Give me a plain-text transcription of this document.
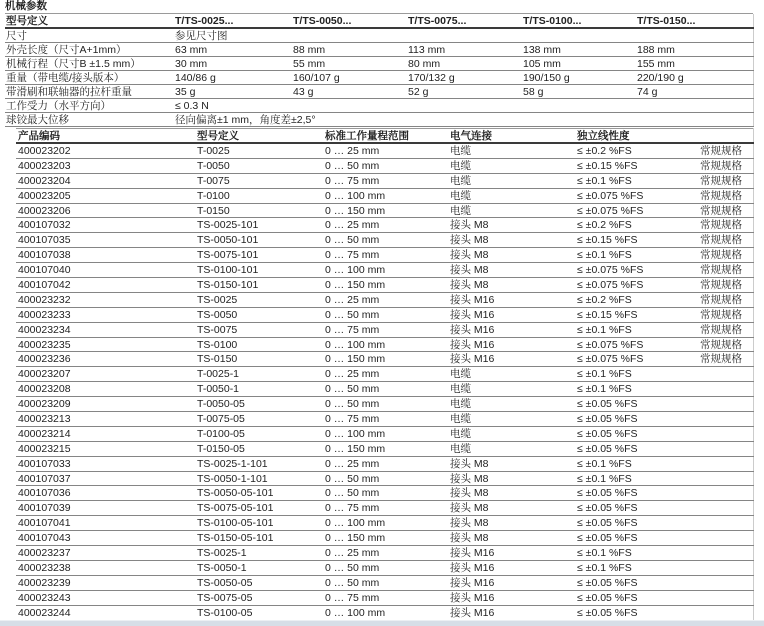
机械参数
型号定义	T/TS-0025...	T/TS-0050...	T/TS-0075...	T/TS-0100...	T/TS-0150...
尺寸	参见尺寸图				
外壳长度（尺寸A+1mm）	63 mm	88 mm	113 mm	138 mm	188 mm
机械行程（尺寸B ±1.5 mm）	30 mm	55 mm	80 mm	105 mm	155 mm
重量（带电缆/接头版本）	140/86 g	160/107 g	170/132 g	190/150 g	220/190 g
带滑刷和联轴器的拉杆重量	35 g	43 g	52 g	58 g	74 g
工作受力（水平方向）	≤ 0.3 N				
球铰最大位移	径向偏离±1 mm，角度差±2,5°				
产品编码	型号定义	标准工作量程范围	电气连接	独立线性度	
400023202	T-0025	0 … 25 mm	电缆	≤ ±0.2 %FS	常规规格
400023203	T-0050	0 … 50 mm	电缆	≤ ±0.15 %FS	常规规格
400023204	T-0075	0 … 75 mm	电缆	≤ ±0.1 %FS	常规规格
400023205	T-0100	0 … 100 mm	电缆	≤ ±0.075 %FS	常规规格
400023206	T-0150	0 … 150 mm	电缆	≤ ±0.075 %FS	常规规格
400107032	TS-0025-101	0 … 25 mm	接头 M8	≤ ±0.2 %FS	常规规格
400107035	TS-0050-101	0 … 50 mm	接头 M8	≤ ±0.15 %FS	常规规格
400107038	TS-0075-101	0 … 75 mm	接头 M8	≤ ±0.1 %FS	常规规格
400107040	TS-0100-101	0 … 100 mm	接头 M8	≤ ±0.075 %FS	常规规格
400107042	TS-0150-101	0 … 150 mm	接头 M8	≤ ±0.075 %FS	常规规格
400023232	TS-0025	0 … 25 mm	接头 M16	≤ ±0.2 %FS	常规规格
400023233	TS-0050	0 … 50 mm	接头 M16	≤ ±0.15 %FS	常规规格
400023234	TS-0075	0 … 75 mm	接头 M16	≤ ±0.1 %FS	常规规格
400023235	TS-0100	0 … 100 mm	接头 M16	≤ ±0.075 %FS	常规规格
400023236	TS-0150	0 … 150 mm	接头 M16	≤ ±0.075 %FS	常规规格
400023207	T-0025-1	0 … 25 mm	电缆	≤ ±0.1 %FS	
400023208	T-0050-1	0 … 50 mm	电缆	≤ ±0.1 %FS	
400023209	T-0050-05	0 … 50 mm	电缆	≤ ±0.05 %FS	
400023213	T-0075-05	0 … 75 mm	电缆	≤ ±0.05 %FS	
400023214	T-0100-05	0 … 100 mm	电缆	≤ ±0.05 %FS	
400023215	T-0150-05	0 … 150 mm	电缆	≤ ±0.05 %FS	
400107033	TS-0025-1-101	0 … 25 mm	接头 M8	≤ ±0.1 %FS	
400107037	TS-0050-1-101	0 … 50 mm	接头 M8	≤ ±0.1 %FS	
400107036	TS-0050-05-101	0 … 50 mm	接头 M8	≤ ±0.05 %FS	
400107039	TS-0075-05-101	0 … 75 mm	接头 M8	≤ ±0.05 %FS	
400107041	TS-0100-05-101	0 … 100 mm	接头 M8	≤ ±0.05 %FS	
400107043	TS-0150-05-101	0 … 150 mm	接头 M8	≤ ±0.05 %FS	
400023237	TS-0025-1	0 … 25 mm	接头 M16	≤ ±0.1 %FS	
400023238	TS-0050-1	0 … 50 mm	接头 M16	≤ ±0.1 %FS	
400023239	TS-0050-05	0 … 50 mm	接头 M16	≤ ±0.05 %FS	
400023243	TS-0075-05	0 … 75 mm	接头 M16	≤ ±0.05 %FS	
400023244	TS-0100-05	0 … 100 mm	接头 M16	≤ ±0.05 %FS	
